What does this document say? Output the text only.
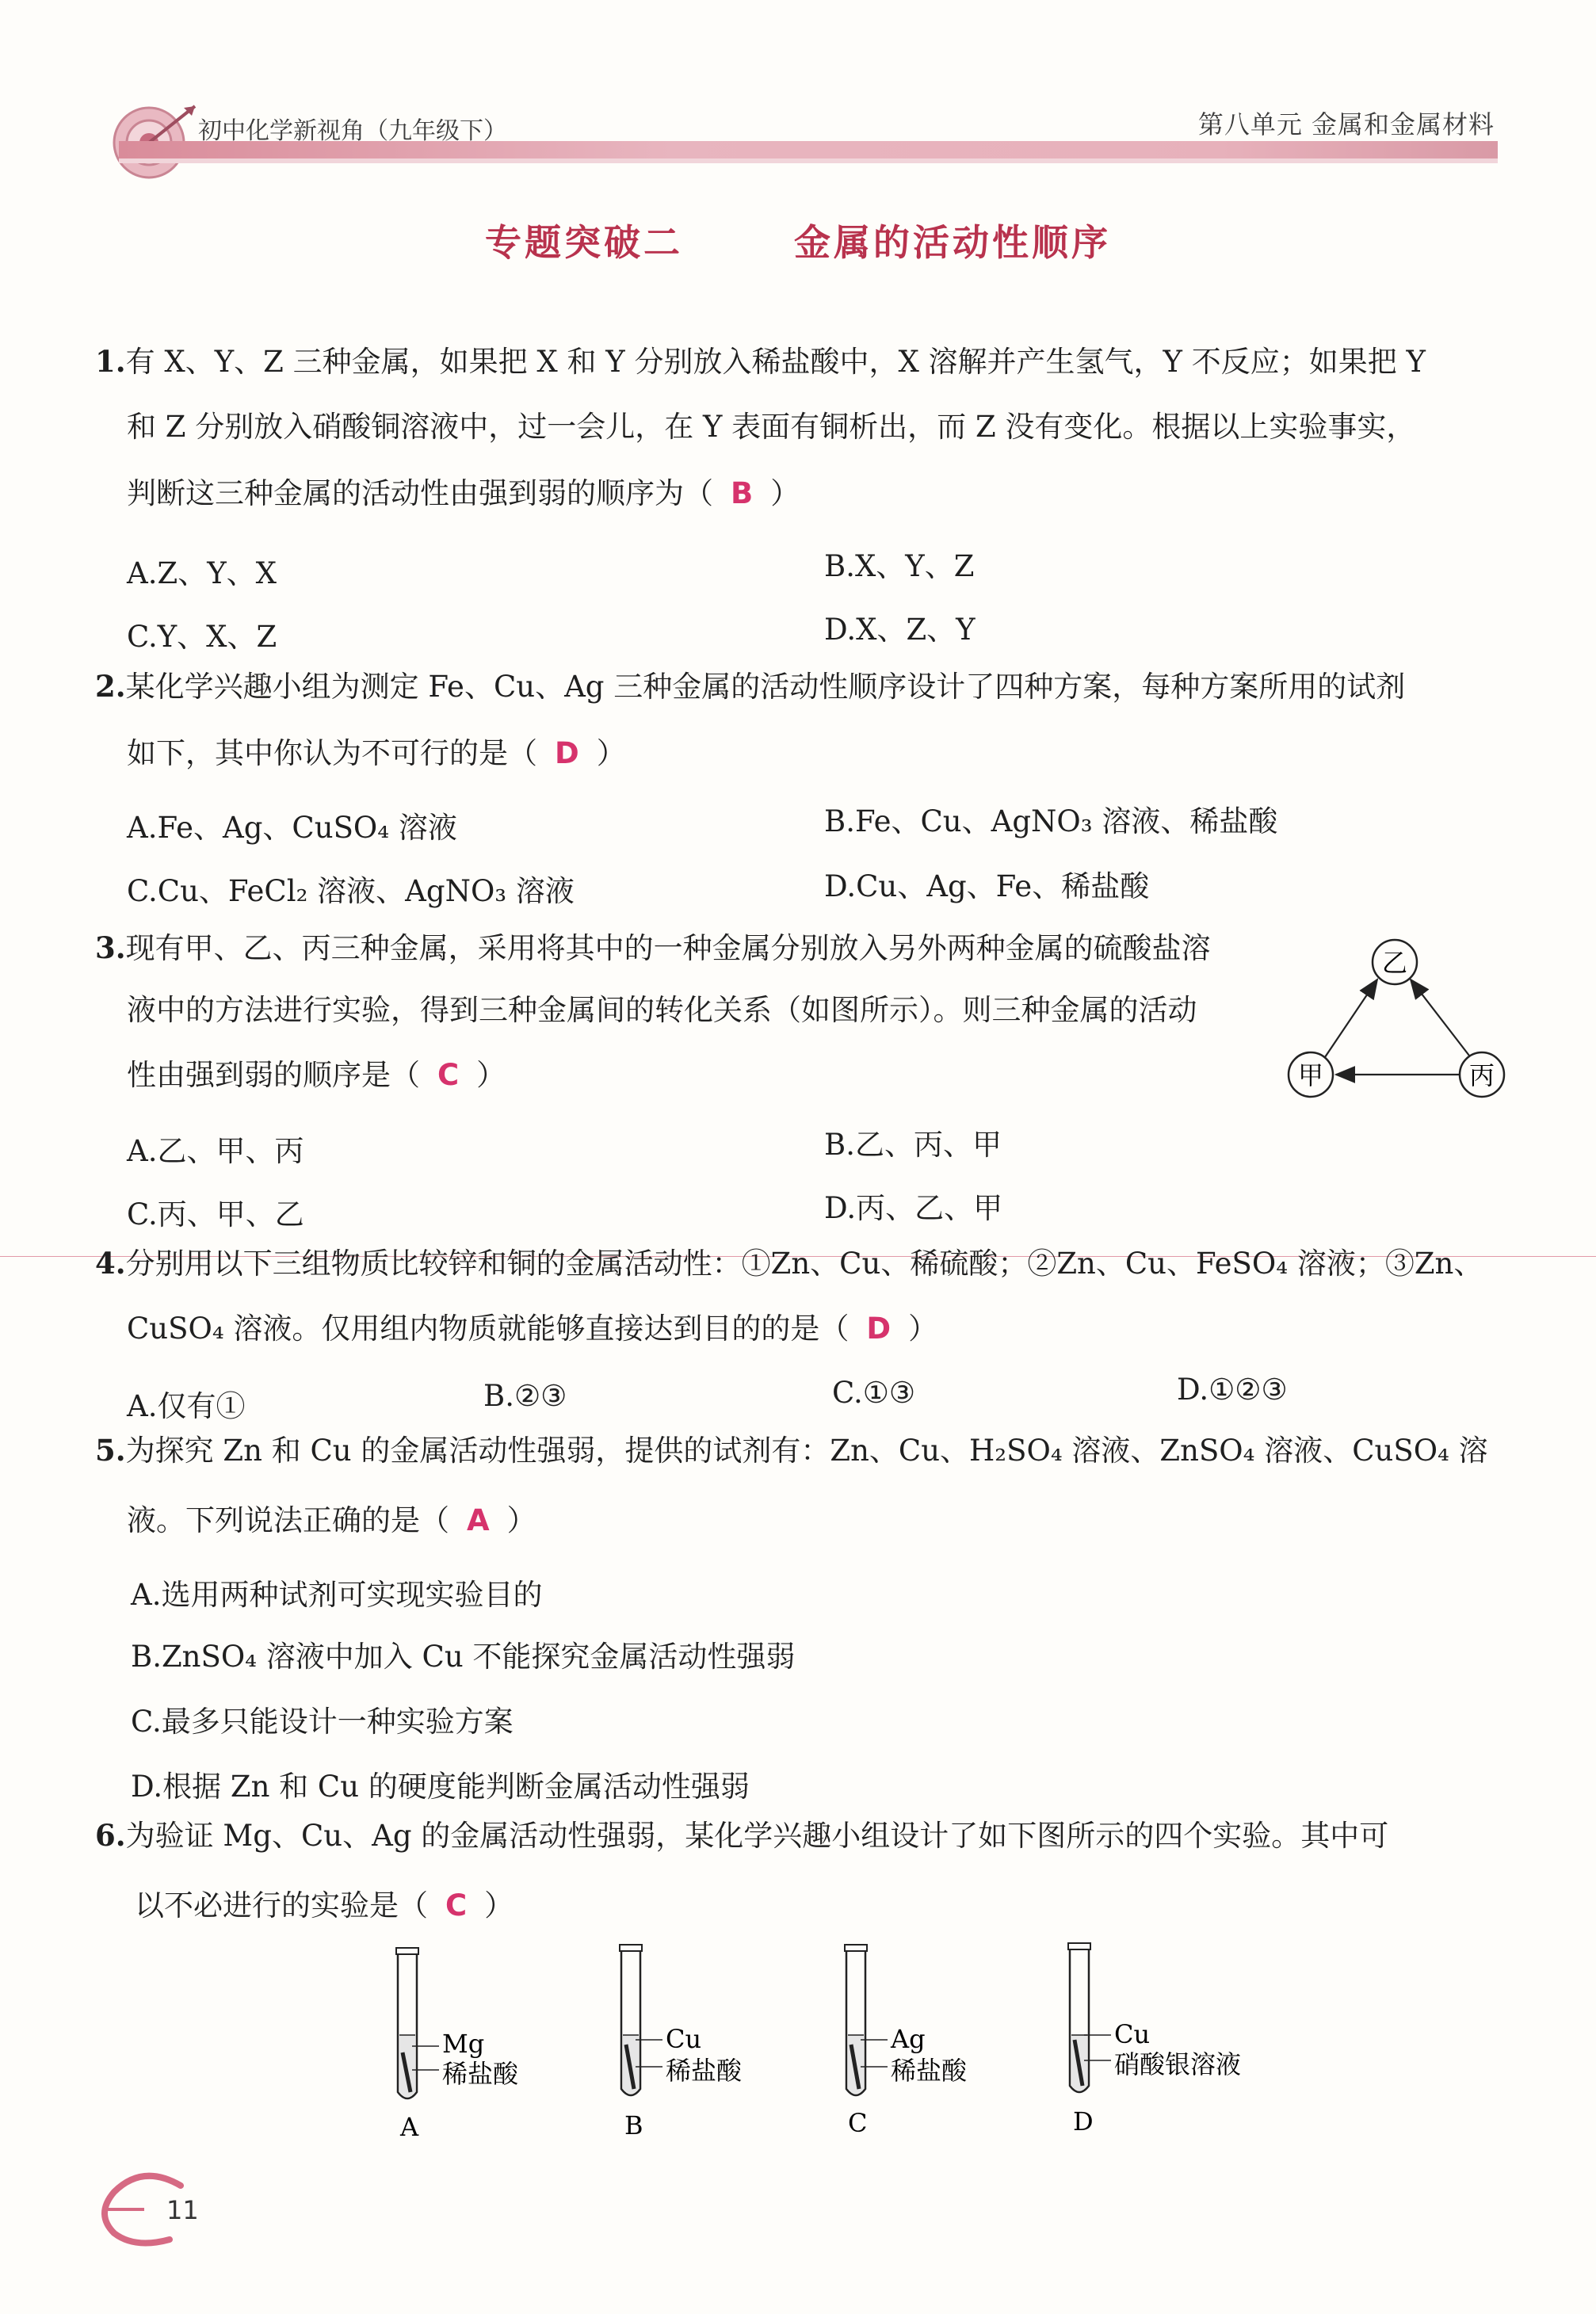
初中化学新视角（九年级下）	第八单元 金属和金属材料
专题突破二	金属的活动性顺序
1.有 X、Y、Z 三种金属，如果把 X 和 Y 分别放入稀盐酸中，X 溶解并产生氢气，Y 不反应；如果把 Y
和 Z 分别放入硝酸铜溶液中，过一会儿，在 Y 表面有铜析出，而 Z 没有变化。根据以上实验事实，
判断这三种金属的活动性由强到弱的顺序为（ B ）
A.Z、Y、X	B.X、Y、Z
C.Y、X、Z	D.X、Z、Y
2.某化学兴趣小组为测定 Fe、Cu、Ag 三种金属的活动性顺序设计了四种方案，每种方案所用的试剂
如下，其中你认为不可行的是（ D ）
A.Fe、Ag、CuSO₄ 溶液	B.Fe、Cu、AgNO₃ 溶液、稀盐酸
C.Cu、FeCl₂ 溶液、AgNO₃ 溶液	D.Cu、Ag、Fe、稀盐酸
3.现有甲、乙、丙三种金属，采用将其中的一种金属分别放入另外两种金属的硫酸盐溶
液中的方法进行实验，得到三种金属间的转化关系（如图所示）。则三种金属的活动
性由强到弱的顺序是（ C ）
乙
甲	丙
A.乙、甲、丙	B.乙、丙、甲
C.丙、甲、乙	D.丙、乙、甲
4.分别用以下三组物质比较锌和铜的金属活动性：①Zn、Cu、稀硫酸；②Zn、Cu、FeSO₄ 溶液；③Zn、
CuSO₄ 溶液。仅用组内物质就能够直接达到目的的是（ D ）
A.仅有①	B.②③	C.①③	D.①②③
5.为探究 Zn 和 Cu 的金属活动性强弱，提供的试剂有：Zn、Cu、H₂SO₄ 溶液、ZnSO₄ 溶液、CuSO₄ 溶
液。下列说法正确的是（ A ）
A.选用两种试剂可实现实验目的
B.ZnSO₄ 溶液中加入 Cu 不能探究金属活动性强弱
C.最多只能设计一种实验方案
D.根据 Zn 和 Cu 的硬度能判断金属活动性强弱
6.为验证 Mg、Cu、Ag 的金属活动性强弱，某化学兴趣小组设计了如下图所示的四个实验。其中可
以不必进行的实验是（ C ）
Mg
稀盐酸
A
Cu
稀盐酸
B
Ag
稀盐酸
C
Cu
硝酸银溶液
D
11
